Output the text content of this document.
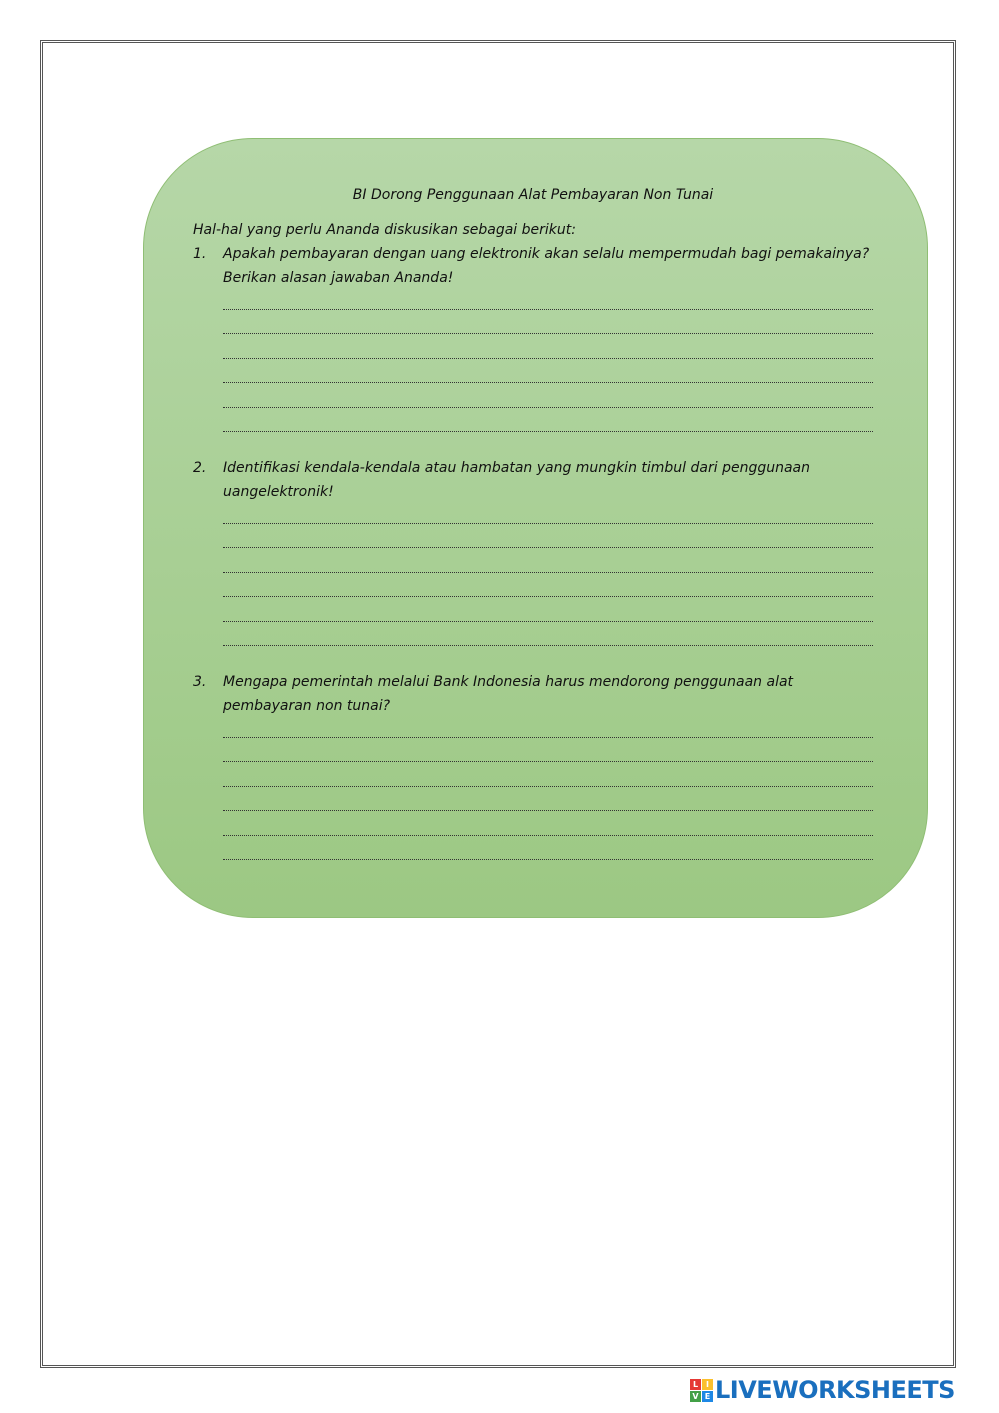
BI Dorong Penggunaan Alat Pembayaran Non Tunai
Hal-hal yang perlu Ananda diskusikan sebagai berikut:
1.	Apakah pembayaran dengan uang elektronik akan selalu mempermudah bagi pemakainya? Berikan alasan jawaban Ananda!
2.	Identifikasi kendala-kendala atau hambatan yang mungkin timbul dari penggunaan uangelektronik!
3.	Mengapa pemerintah melalui Bank Indonesia harus mendorong penggunaan alat pembayaran non tunai?
L I
V E LIVEWORKSHEETS
